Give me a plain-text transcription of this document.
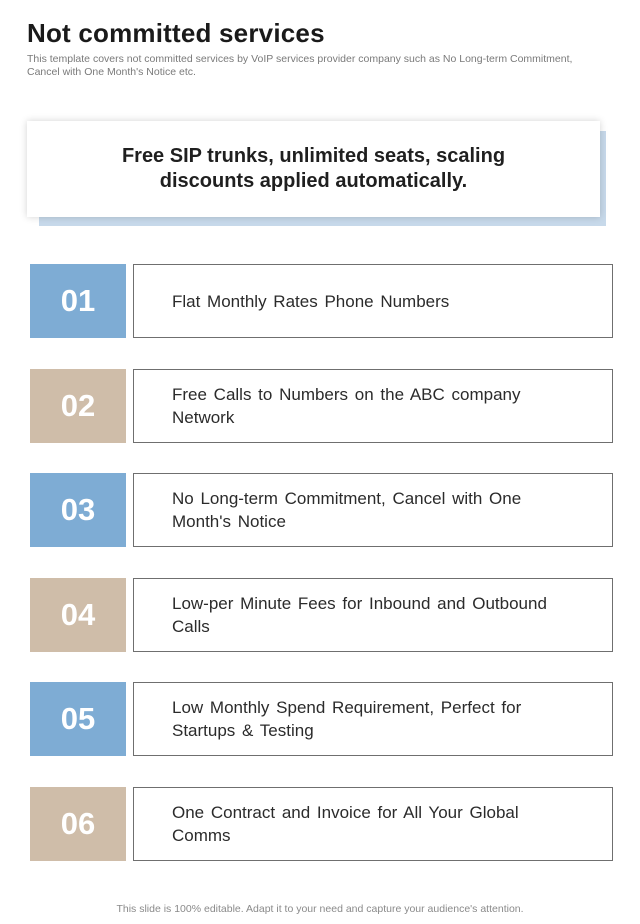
Not committed services

This template covers not committed services by VoIP services provider company such as No Long-term Commitment, Cancel with One Month's Notice etc.

Free SIP trunks, unlimited seats, scaling discounts applied automatically.
01	Flat Monthly Rates Phone Numbers
02	Free Calls to Numbers on the ABC company Network
03	No Long-term Commitment, Cancel with One Month's Notice
04	Low-per Minute Fees for Inbound and Outbound Calls
05	Low Monthly Spend Requirement, Perfect for Startups & Testing
06	One Contract and Invoice for All Your Global Comms

This slide is 100% editable. Adapt it to your need and capture your audience's attention.
